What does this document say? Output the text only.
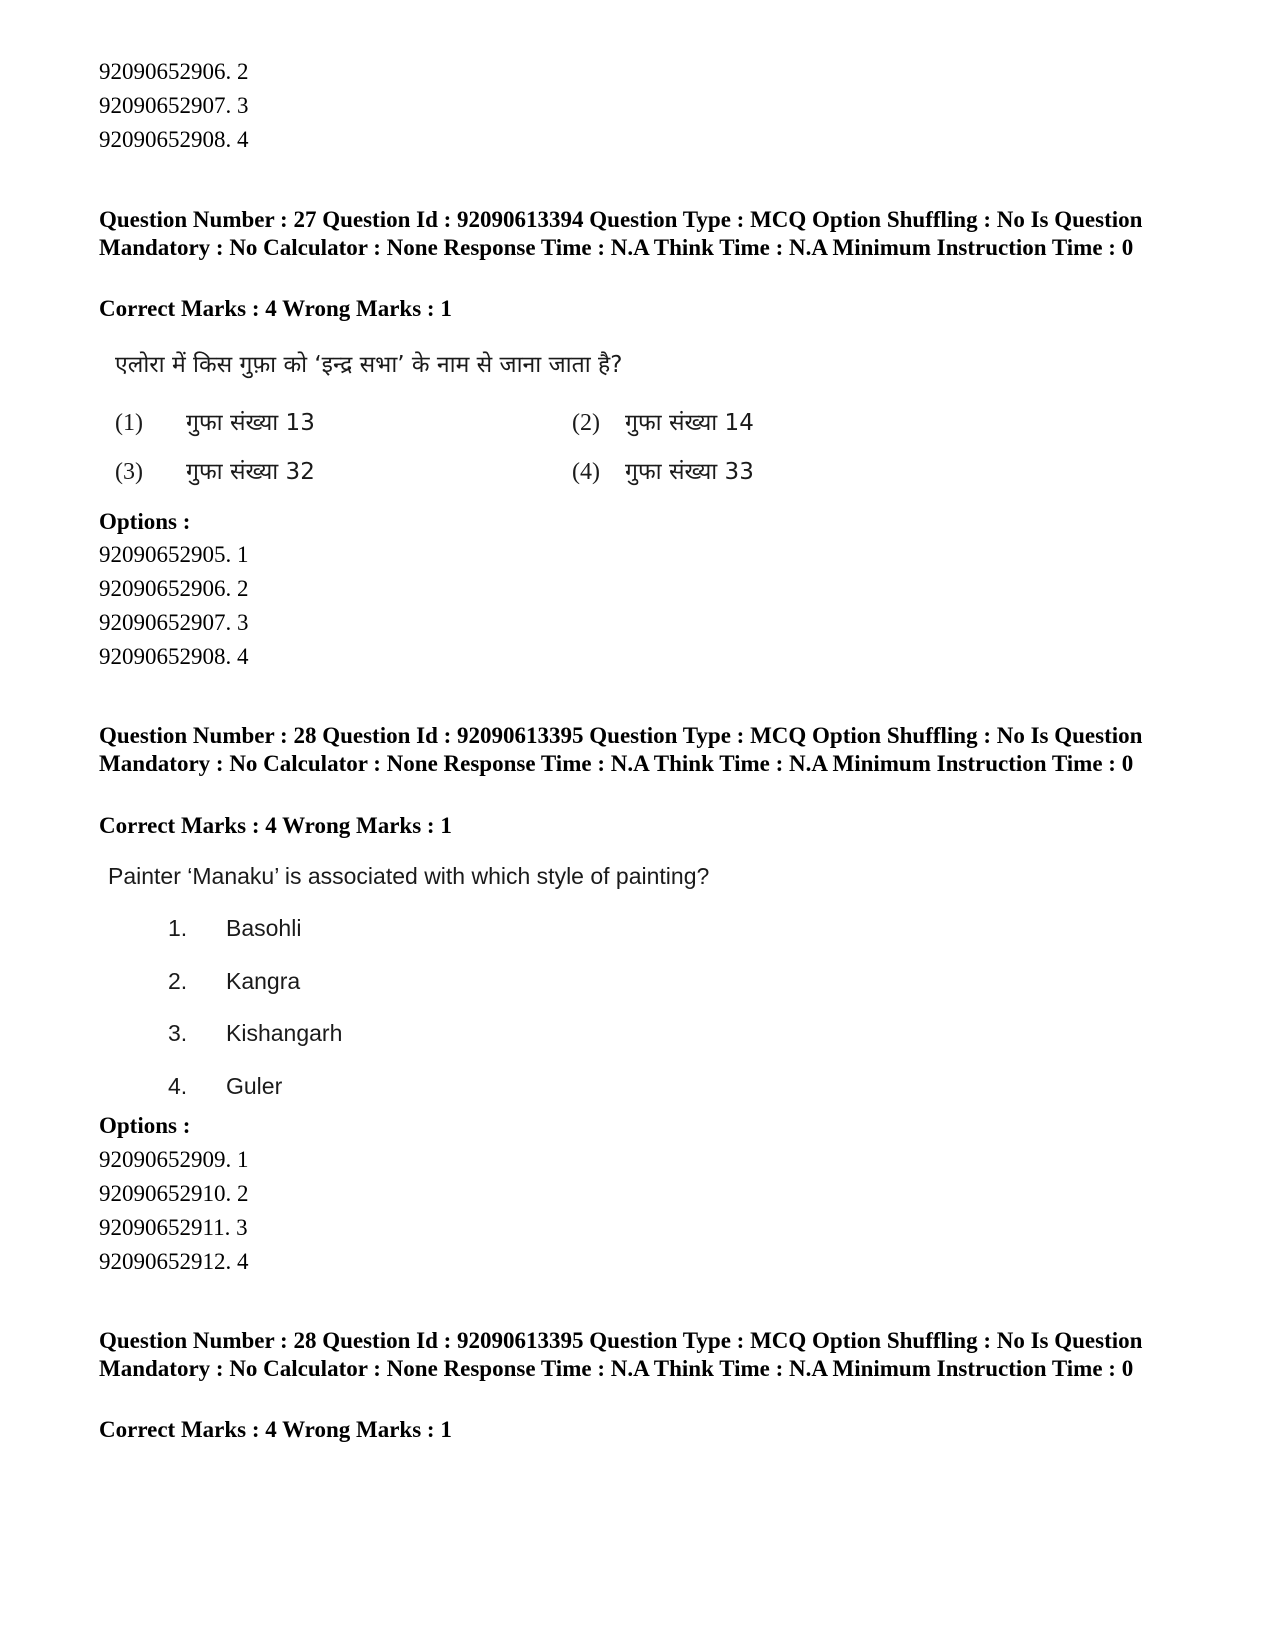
92090652906. 2
92090652907. 3
92090652908. 4
Question Number : 27 Question Id : 92090613394 Question Type : MCQ Option Shuffling : No Is Question Mandatory : No Calculator : None Response Time : N.A Think Time : N.A Minimum Instruction Time : 0
Correct Marks : 4 Wrong Marks : 1
एलोरा में किस गुफ़ा को ‘इन्द्र सभा’ के नाम से जाना जाता है?
(1) गुफा संख्या 13	(2) गुफा संख्या 14
(3) गुफा संख्या 32	(4) गुफा संख्या 33
Options :
92090652905. 1
92090652906. 2
92090652907. 3
92090652908. 4
Question Number : 28 Question Id : 92090613395 Question Type : MCQ Option Shuffling : No Is Question Mandatory : No Calculator : None Response Time : N.A Think Time : N.A Minimum Instruction Time : 0
Correct Marks : 4 Wrong Marks : 1
Painter ‘Manaku’ is associated with which style of painting?
1. Basohli
2. Kangra
3. Kishangarh
4. Guler
Options :
92090652909. 1
92090652910. 2
92090652911. 3
92090652912. 4
Question Number : 28 Question Id : 92090613395 Question Type : MCQ Option Shuffling : No Is Question Mandatory : No Calculator : None Response Time : N.A Think Time : N.A Minimum Instruction Time : 0
Correct Marks : 4 Wrong Marks : 1
